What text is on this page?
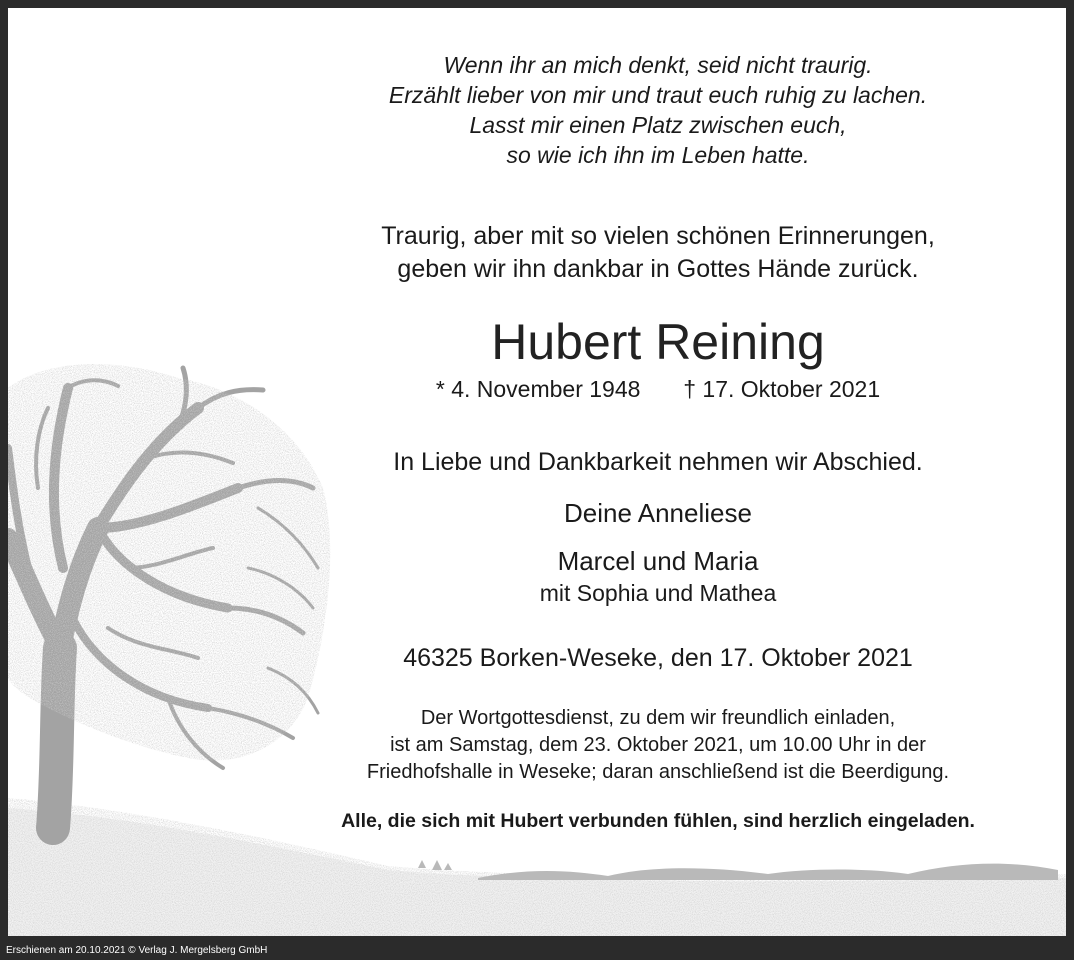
Wenn ihr an mich denkt, seid nicht traurig.
Erzählt lieber von mir und traut euch ruhig zu lachen.
Lasst mir einen Platz zwischen euch,
so wie ich ihn im Leben hatte.
Traurig, aber mit so vielen schönen Erinnerungen,
geben wir ihn dankbar in Gottes Hände zurück.
Hubert Reining
* 4. November 1948 † 17. Oktober 2021
In Liebe und Dankbarkeit nehmen wir Abschied.
Deine Anneliese
Marcel und Maria
mit Sophia und Mathea
46325 Borken-Weseke, den 17. Oktober 2021
Der Wortgottesdienst, zu dem wir freundlich einladen,
ist am Samstag, dem 23. Oktober 2021, um 10.00 Uhr in der
Friedhofshalle in Weseke; daran anschließend ist die Beerdigung.
Alle, die sich mit Hubert verbunden fühlen, sind herzlich eingeladen.
Erschienen am 20.10.2021 © Verlag J. Mergelsberg GmbH
